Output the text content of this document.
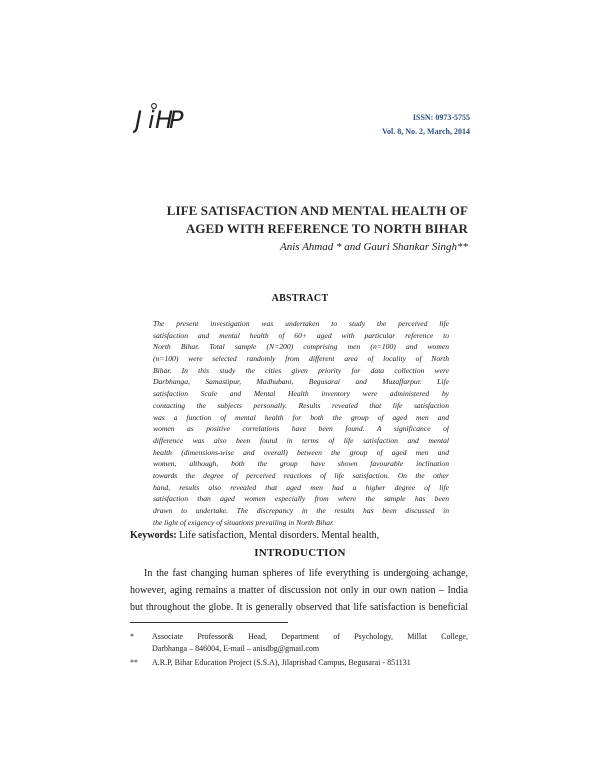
J i H
P	ISSN: 0973-5755
Vol. 8, No. 2, March, 2014
LIFE SATISFACTION AND MENTAL HEALTH OF
AGED WITH REFERENCE TO NORTH BIHAR
Anis Ahmad * and Gauri Shankar Singh**
ABSTRACT
The present investigation was undertaken to study the perceived life
satisfaction and mental health of 60+ aged with particular reference to
North Bihar. Total sample (N=200) comprising men (n=100) and women
(n=100) were selected randomly from different area of locality of North
Bihar. In this study the cities given priority for data collection were
Darbhanga, Samastipur, Madhubani, Begusarai and Muzaffarpur. Life
satisfaction Scale and Mental Health inventory were administered by
contacting the subjects personally. Results revealed that life satisfaction
was a function of mental health for both the group of aged men and
women as positive correlations have been found. A significance of
difference was also been found in terms of life satisfaction and mental
health (dimensions-wise and overall) between the group of aged men and
women, although, both the group have shown favourable inclination
towards the degree of perceived reactions of life satisfaction. On the other
hand, results also revealed that aged men had a higher degree of life
satisfaction than aged women especially from where the sample has been
drawn to undertake. The discrepancy in the results has been discussed in
the light of exigency of situations prevailing in North Bihar.
Keywords: Life satisfaction, Mental disorders. Mental health,
INTRODUCTION
In the fast changing human spheres of life everything is undergoing achange,
however, aging remains a matter of discussion not only in our own nation – India
but throughout the globe. It is generally observed that life satisfaction is beneficial
* Associate Professor& Head, Department of Psychology, Millat College,
Darbhanga – 846004, E-mail – anisdbg@gmail.com
** A.R.P, Bihar Education Project (S.S.A), Jilaprishad Campus, Begusarai - 851131
